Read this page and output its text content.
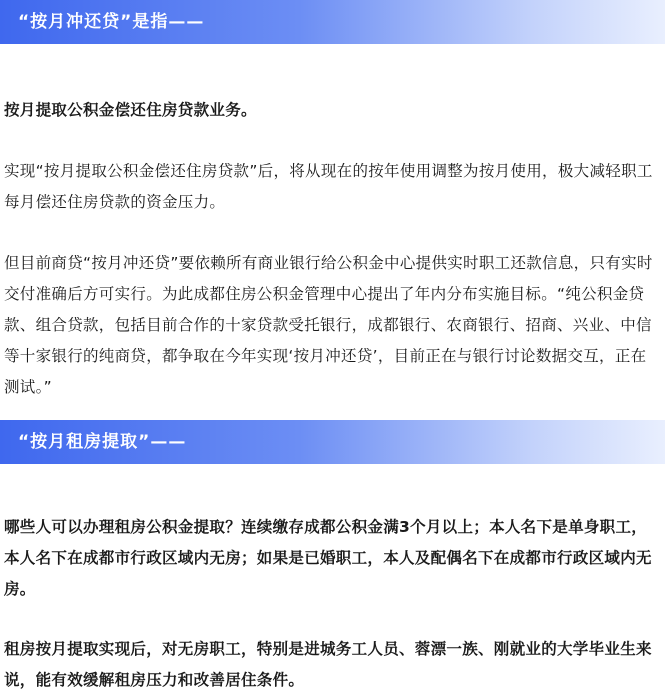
“按月冲还贷”是指——

按月提取公积金偿还住房贷款业务。

实现“按月提取公积金偿还住房贷款”后，将从现在的按年使用调整为按月使用，极大减轻职工每月偿还住房贷款的资金压力。

但目前商贷“按月冲还贷”要依赖所有商业银行给公积金中心提供实时职工还款信息，只有实时交付准确后方可实行。为此成都住房公积金管理中心提出了年内分布实施目标。“纯公积金贷款、组合贷款，包括目前合作的十家贷款受托银行，成都银行、农商银行、招商、兴业、中信等十家银行的纯商贷，都争取在今年实现‘按月冲还贷’，目前正在与银行讨论数据交互，正在测试。”

“按月租房提取”——

哪些人可以办理租房公积金提取？连续缴存成都公积金满3个月以上；本人名下是单身职工，本人名下在成都市行政区域内无房；如果是已婚职工，本人及配偶名下在成都市行政区域内无房。

租房按月提取实现后，对无房职工，特别是进城务工人员、蓉漂一族、刚就业的大学毕业生来说，能有效缓解租房压力和改善居住条件。
